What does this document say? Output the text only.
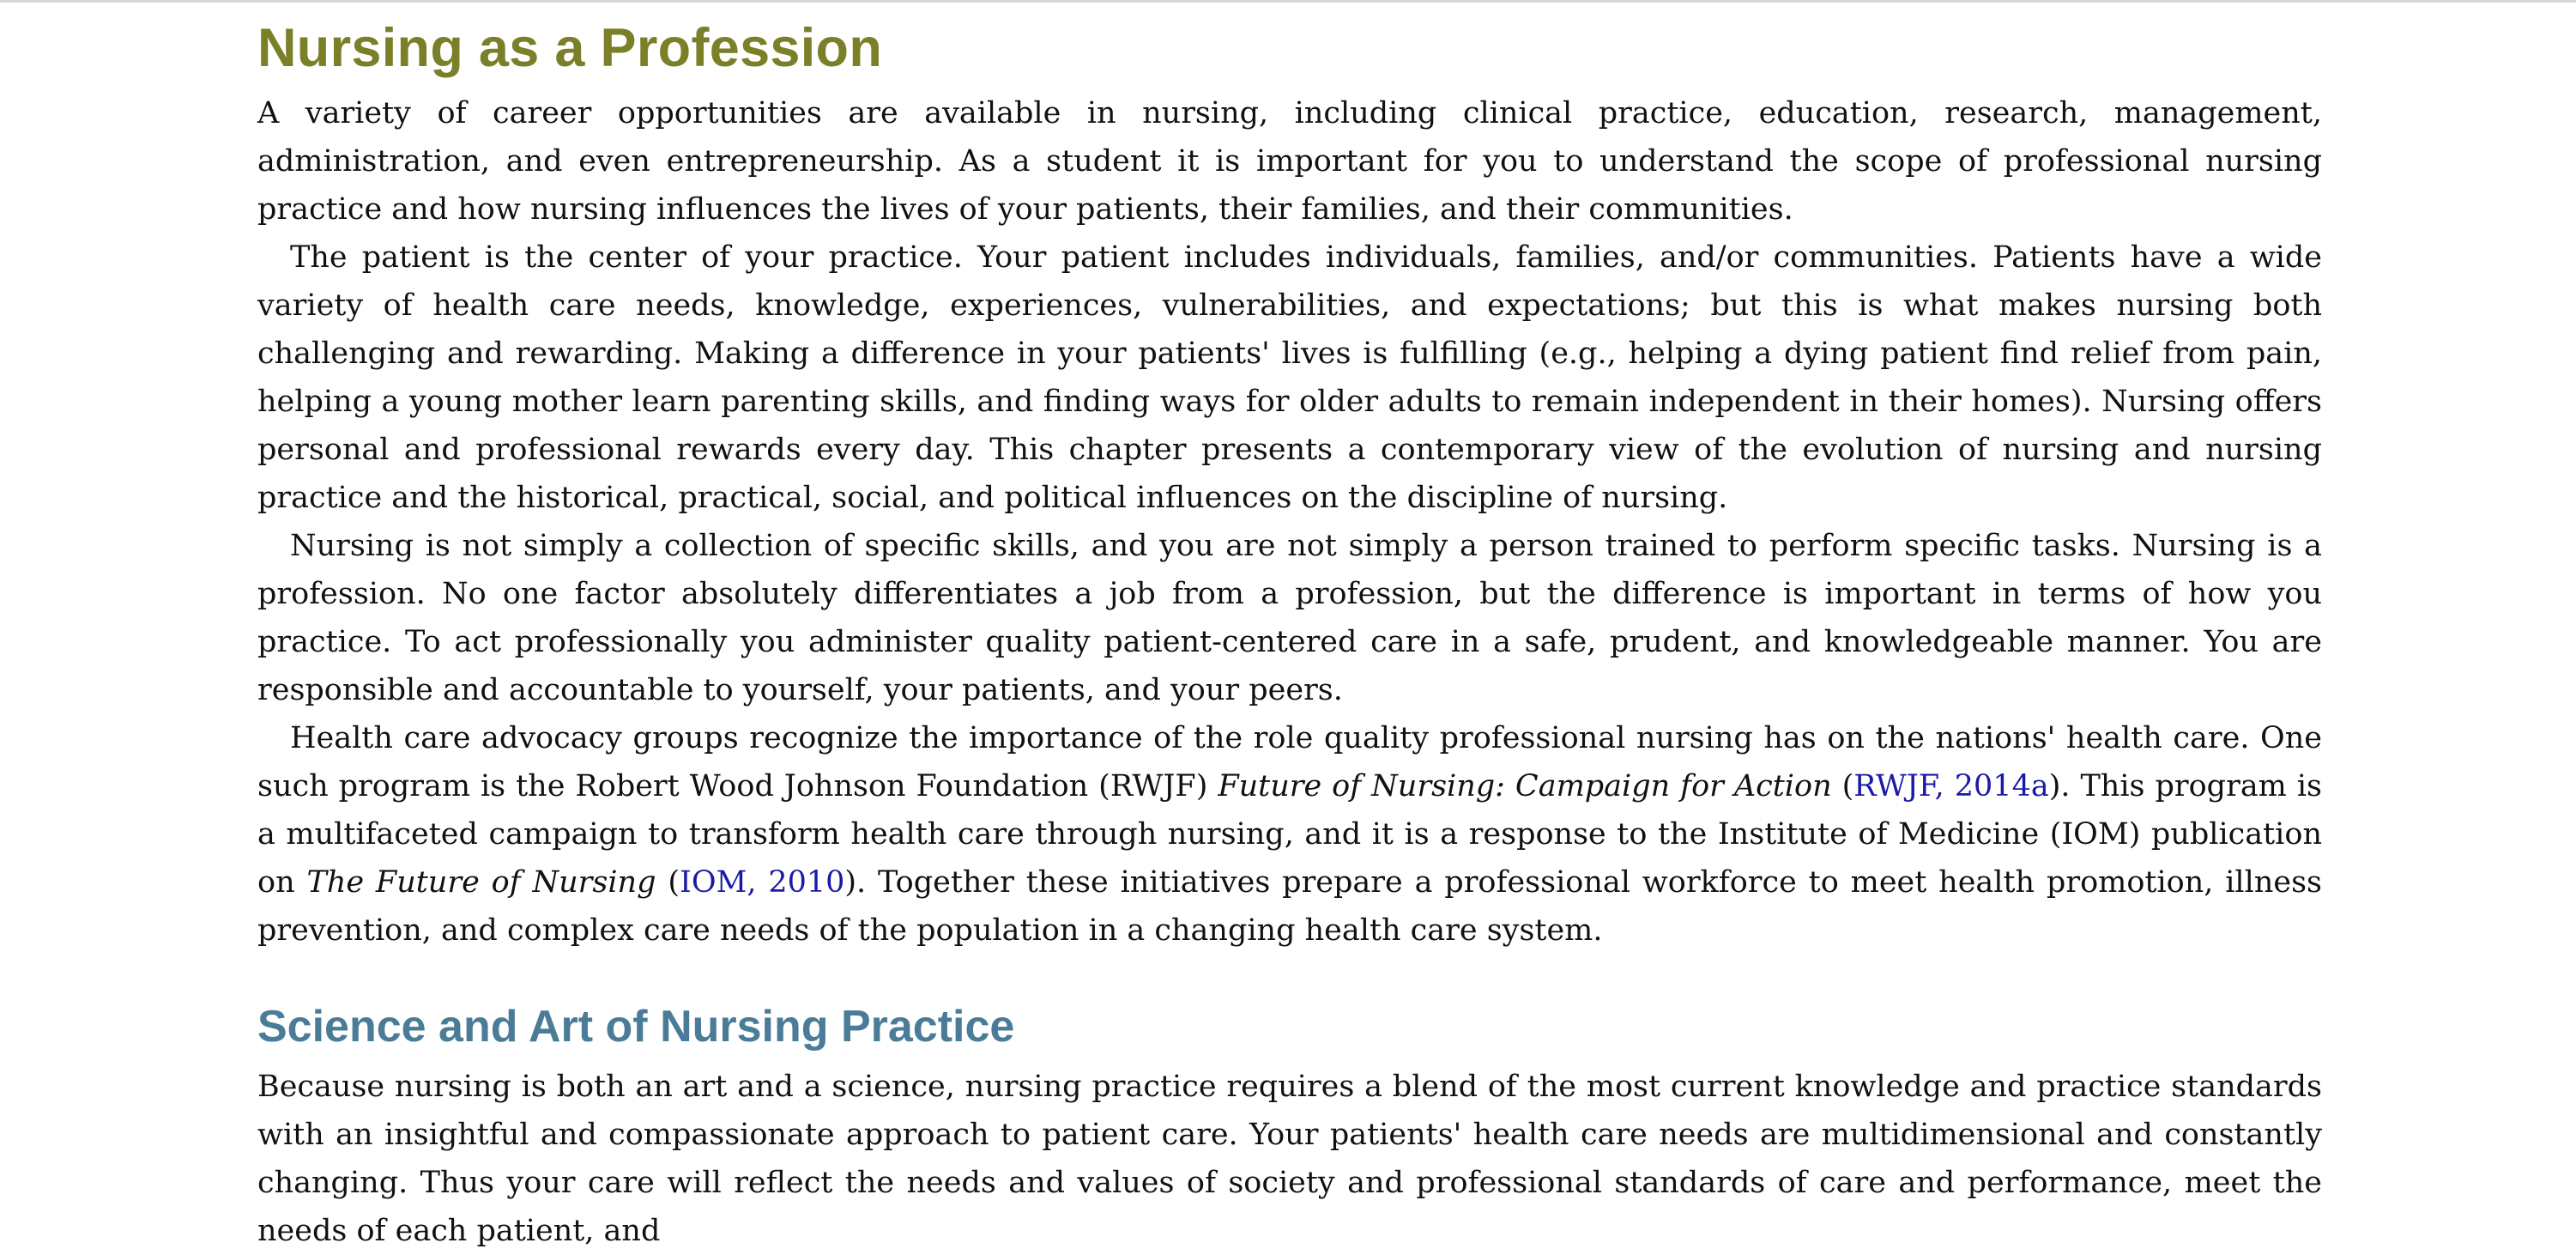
Nursing as a Profession

A variety of career opportunities are available in nursing, including clinical practice, education, research, management, administration, and even entrepreneurship. As a student it is important for you to understand the scope of professional nursing practice and how nursing influences the lives of your patients, their families, and their communities.

The patient is the center of your practice. Your patient includes individuals, families, and/or communities. Patients have a wide variety of health care needs, knowledge, experiences, vulnerabilities, and expectations; but this is what makes nursing both challenging and rewarding. Making a difference in your patients' lives is fulfilling (e.g., helping a dying patient find relief from pain, helping a young mother learn parenting skills, and finding ways for older adults to remain independent in their homes). Nursing offers personal and professional rewards every day. This chapter presents a contemporary view of the evolution of nursing and nursing practice and the historical, practical, social, and political influences on the discipline of nursing.

Nursing is not simply a collection of specific skills, and you are not simply a person trained to perform specific tasks. Nursing is a profession. No one factor absolutely differentiates a job from a profession, but the difference is important in terms of how you practice. To act professionally you administer quality patient-centered care in a safe, prudent, and knowledgeable manner. You are responsible and accountable to yourself, your patients, and your peers.

Health care advocacy groups recognize the importance of the role quality professional nursing has on the nations' health care. One such program is the Robert Wood Johnson Foundation (RWJF) Future of Nursing: Campaign for Action (RWJF, 2014a). This program is a multifaceted campaign to transform health care through nursing, and it is a response to the Institute of Medicine (IOM) publication on The Future of Nursing (IOM, 2010). Together these initiatives prepare a professional workforce to meet health promotion, illness prevention, and complex care needs of the population in a changing health care system.

Science and Art of Nursing Practice

Because nursing is both an art and a science, nursing practice requires a blend of the most current knowledge and practice standards with an insightful and compassionate approach to patient care. Your patients' health care needs are multidimensional and constantly changing. Thus your care will reflect the needs and values of society and professional standards of care and performance, meet the needs of each patient, and
